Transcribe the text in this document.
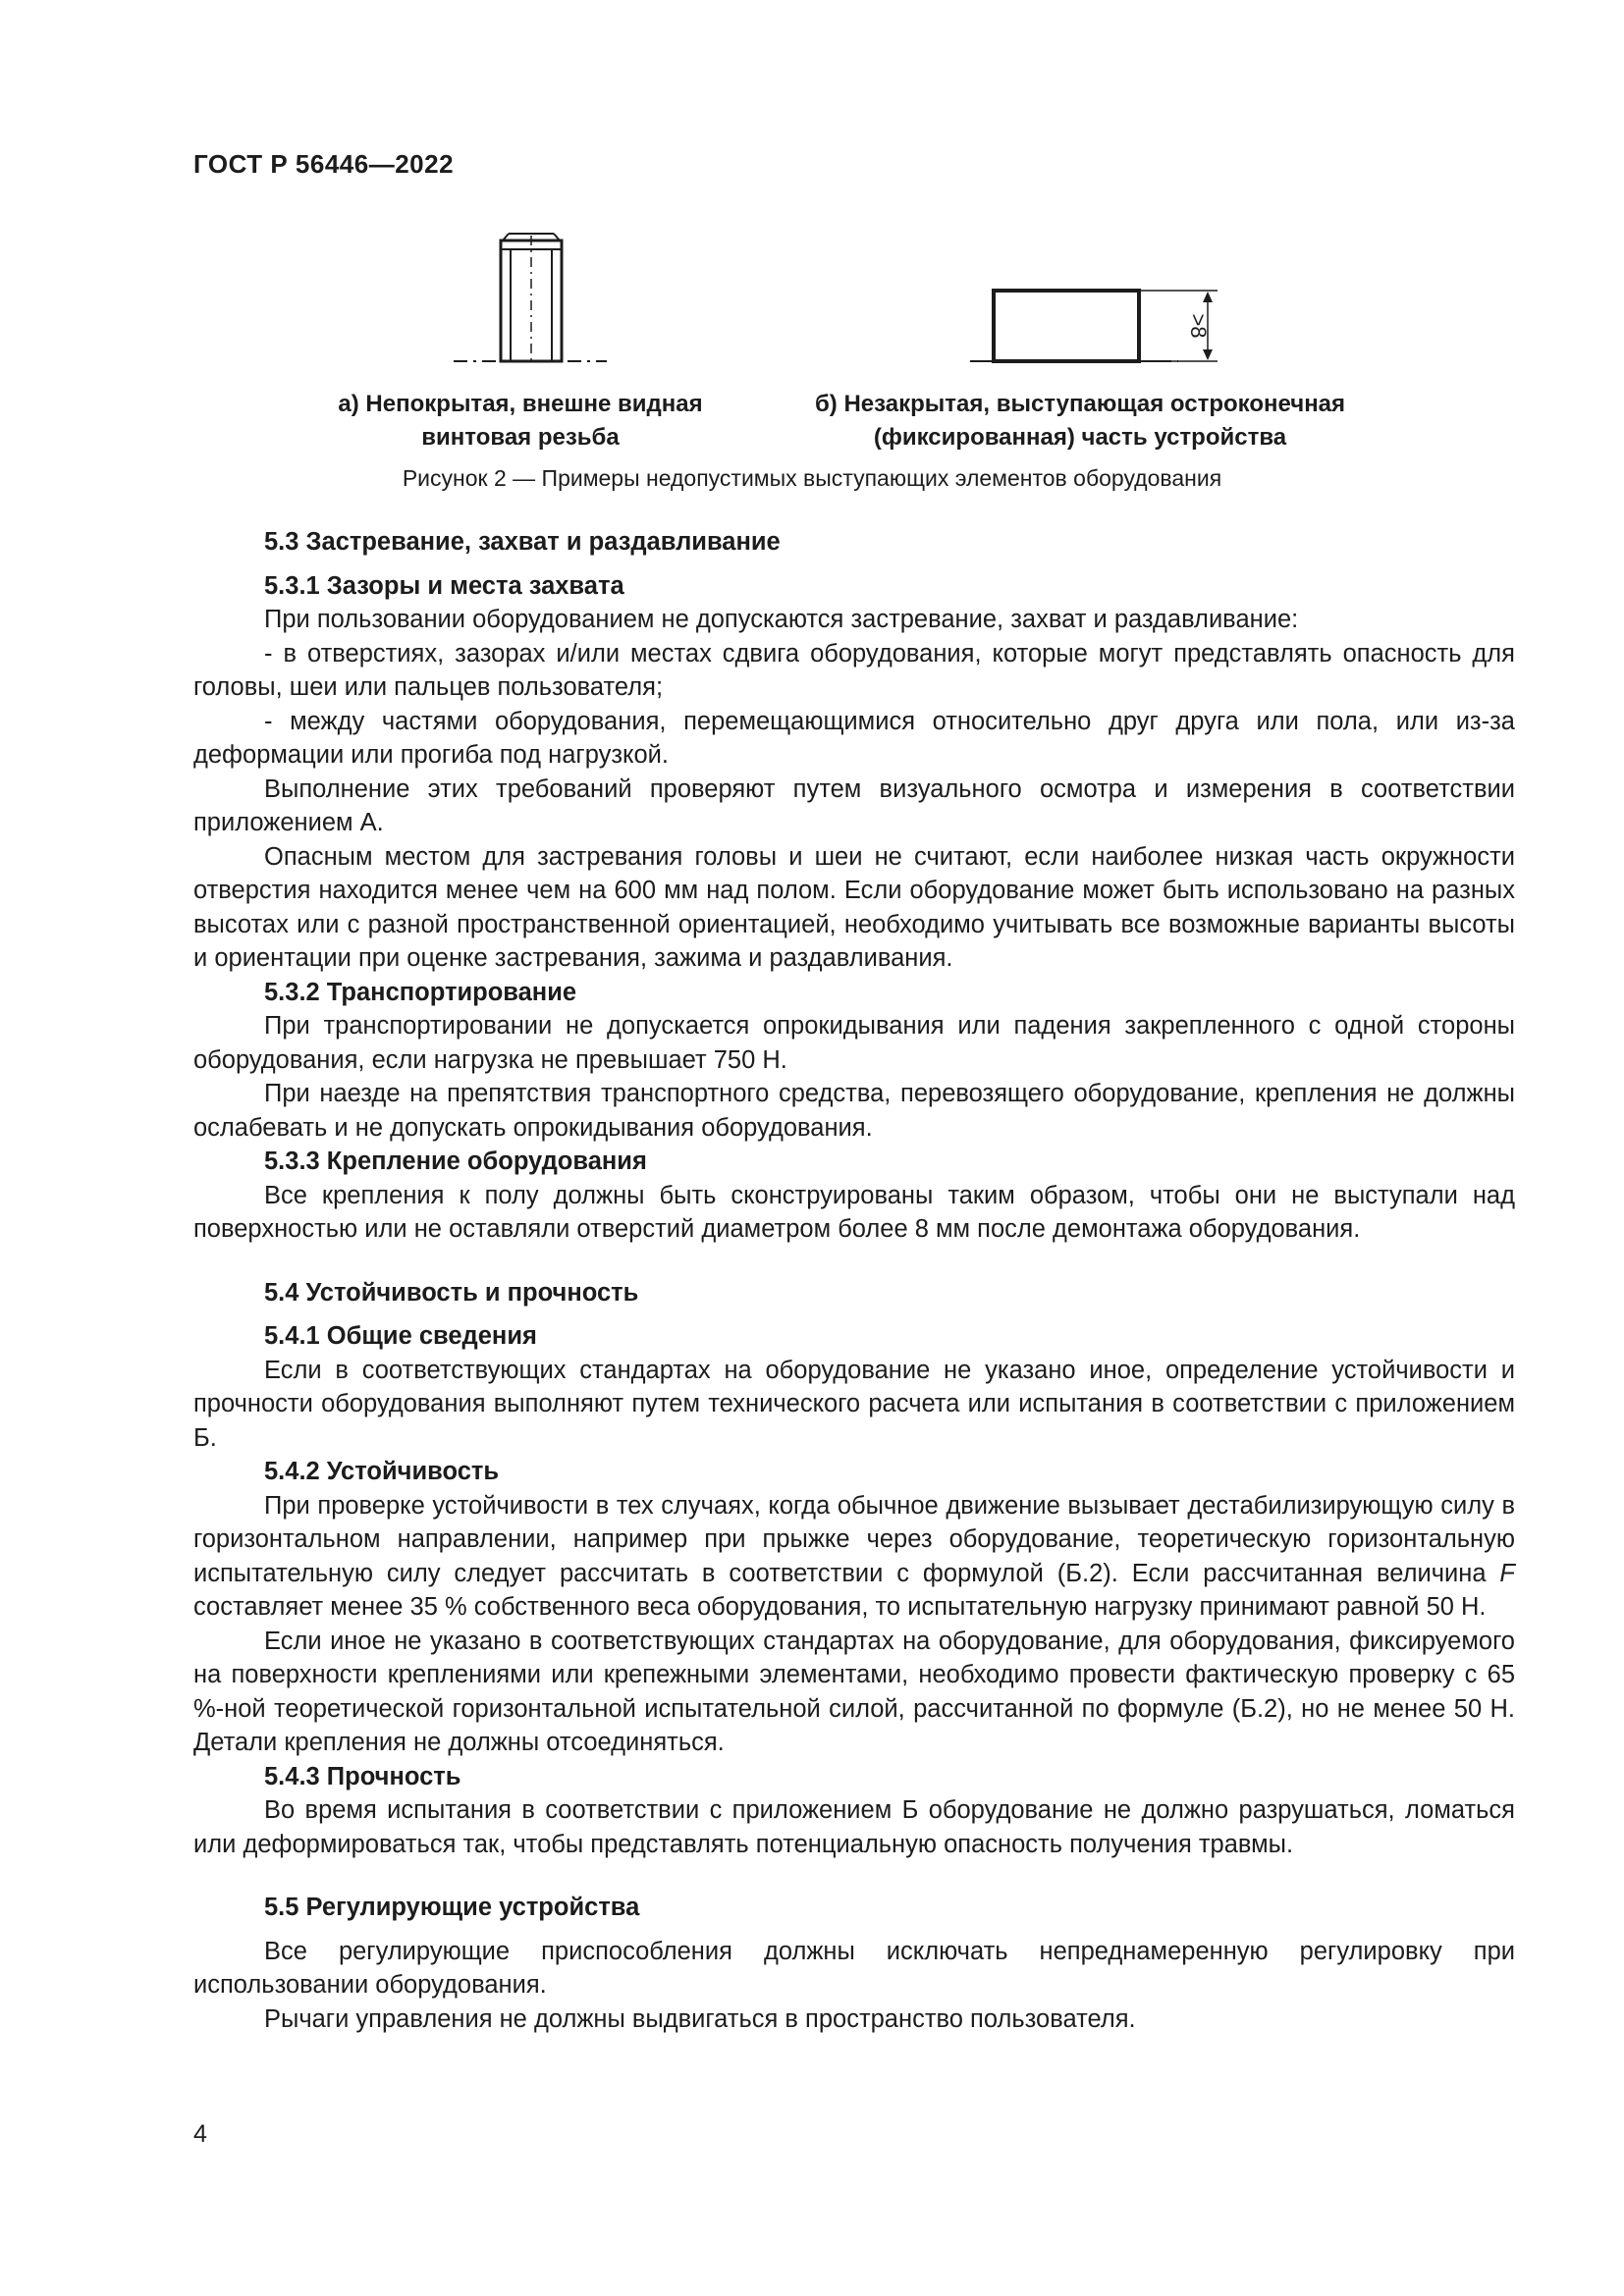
ГОСТ Р 56446—2022
>8
а) Непокрытая, внешне видная
винтовая резьба
б) Незакрытая, выступающая остроконечная
(фиксированная) часть устройства
Рисунок 2 — Примеры недопустимых выступающих элементов оборудования
5.3 Застревание, захват и раздавливание
5.3.1 Зазоры и места захвата

При пользовании оборудованием не допускаются застревание, захват и раздавливание:

- в отверстиях, зазорах и/или местах сдвига оборудования, которые могут представлять опасность для головы, шеи или пальцев пользователя;

- между частями оборудования, перемещающимися относительно друг друга или пола, или из-за деформации или прогиба под нагрузкой.

Выполнение этих требований проверяют путем визуального осмотра и измерения в соответствии приложением А.

Опасным местом для застревания головы и шеи не считают, если наиболее низкая часть окружности отверстия находится менее чем на 600 мм над полом. Если оборудование может быть использовано на разных высотах или с разной пространственной ориентацией, необходимо учитывать все возможные варианты высоты и ориентации при оценке застревания, зажима и раздавливания.

5.3.2 Транспортирование

При транспортировании не допускается опрокидывания или падения закрепленного с одной стороны оборудования, если нагрузка не превышает 750 Н.

При наезде на препятствия транспортного средства, перевозящего оборудование, крепления не должны ослабевать и не допускать опрокидывания оборудования.

5.3.3 Крепление оборудования

Все крепления к полу должны быть сконструированы таким образом, чтобы они не выступали над поверхностью или не оставляли отверстий диаметром более 8 мм после демонтажа оборудования.

5.4 Устойчивость и прочность
5.4.1 Общие сведения

Если в соответствующих стандартах на оборудование не указано иное, определение устойчивости и прочности оборудования выполняют путем технического расчета или испытания в соответствии с приложением Б.

5.4.2 Устойчивость

При проверке устойчивости в тех случаях, когда обычное движение вызывает дестабилизирующую силу в горизонтальном направлении, например при прыжке через оборудование, теоретическую горизонтальную испытательную силу следует рассчитать в соответствии с формулой (Б.2). Если рассчитанная величина F составляет менее 35 % собственного веса оборудования, то испытательную нагрузку принимают равной 50 Н.

Если иное не указано в соответствующих стандартах на оборудование, для оборудования, фиксируемого на поверхности креплениями или крепежными элементами, необходимо провести фактическую проверку с 65 %-ной теоретической горизонтальной испытательной силой, рассчитанной по формуле (Б.2), но не менее 50 Н. Детали крепления не должны отсоединяться.

5.4.3 Прочность

Во время испытания в соответствии с приложением Б оборудование не должно разрушаться, ломаться или деформироваться так, чтобы представлять потенциальную опасность получения травмы.

5.5 Регулирующие устройства

Все регулирующие приспособления должны исключать непреднамеренную регулировку при использовании оборудования.

Рычаги управления не должны выдвигаться в пространство пользователя.

4
